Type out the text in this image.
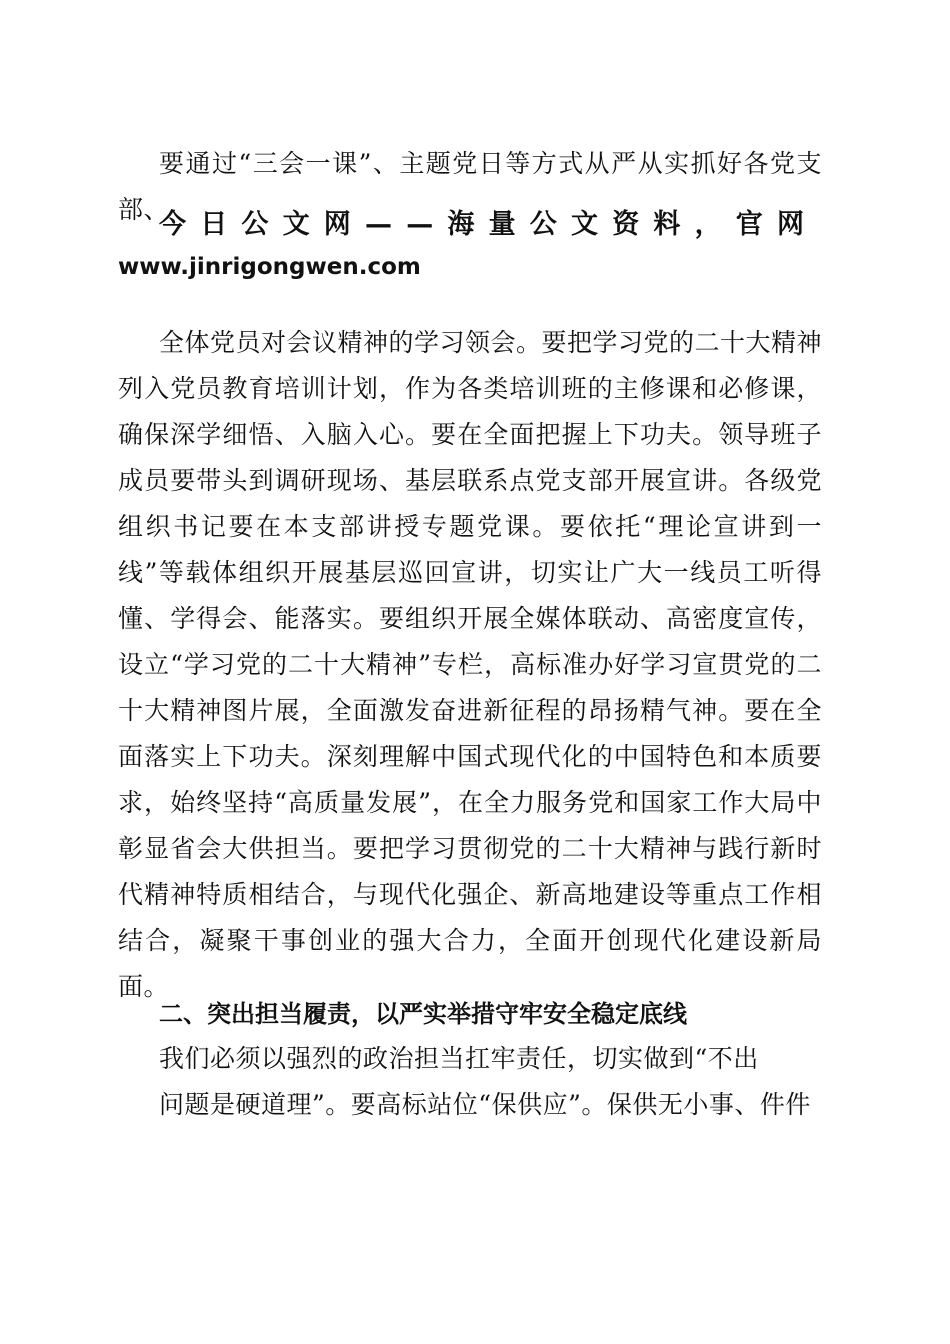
要通过“三会一课”、主题党日等方式从严从实抓好各党支部、

今日公文网——海量公文资料，官网
www.jinrigongwen.com

全体党员对会议精神的学习领会。要把学习党的二十大精神列入党员教育培训计划，作为各类培训班的主修课和必修课，确保深学细悟、入脑入心。要在全面把握上下功夫。领导班子成员要带头到调研现场、基层联系点党支部开展宣讲。各级党组织书记要在本支部讲授专题党课。要依托“理论宣讲到一线”等载体组织开展基层巡回宣讲，切实让广大一线员工听得懂、学得会、能落实。要组织开展全媒体联动、高密度宣传，设立“学习党的二十大精神”专栏，高标准办好学习宣贯党的二十大精神图片展，全面激发奋进新征程的昂扬精气神。要在全面落实上下功夫。深刻理解中国式现代化的中国特色和本质要求，始终坚持“高质量发展”，在全力服务党和国家工作大局中彰显省会大供担当。要把学习贯彻党的二十大精神与践行新时代精神特质相结合，与现代化强企、新高地建设等重点工作相结合，凝聚干事创业的强大合力，全面开创现代化建设新局面。

二、突出担当履责，以严实举措守牢安全稳定底线

我们必须以强烈的政治担当扛牢责任，切实做到“不出

问题是硬道理”。要高标站位“保供应”。保供无小事、件件
